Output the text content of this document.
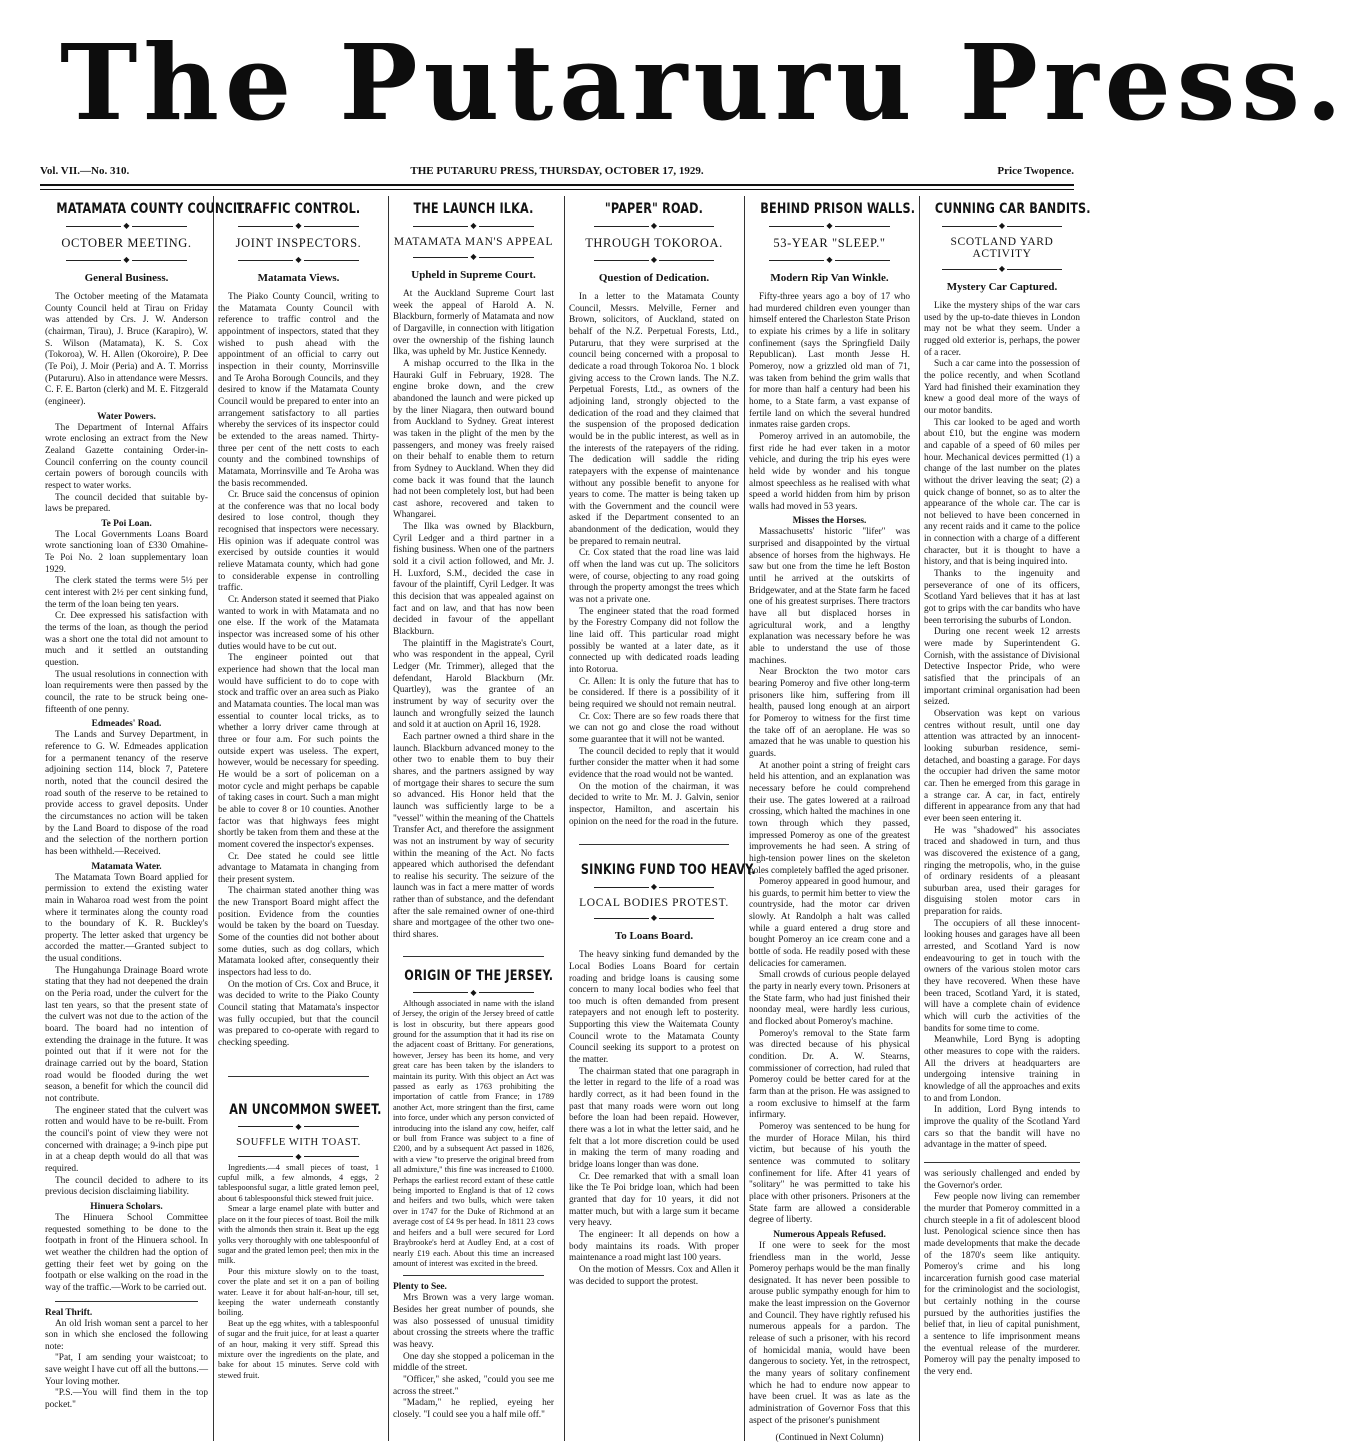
The Putaruru Press.
Vol. VII.—No. 310.	THE PUTARURU PRESS, THURSDAY, OCTOBER 17, 1929.	Price Twopence.
MATAMATA COUNTY COUNCIL.
◆
OCTOBER MEETING.
◆
General Business.

The October meeting of the Matamata County Council held at Tirau on Friday was attended by Crs. J. W. Anderson (chairman, Tirau), J. Bruce (Karapiro), W. S. Wilson (Matamata), K. S. Cox (Tokoroa), W. H. Allen (Okoroire), P. Dee (Te Poi), J. Moir (Peria) and A. T. Morriss (Putaruru). Also in attendance were Messrs. C. F. E. Barton (clerk) and M. E. Fitzgerald (engineer).

Water Powers.

The Department of Internal Affairs wrote enclosing an extract from the New Zealand Gazette containing Order-in-Council conferring on the county council certain powers of borough councils with respect to water works.

The council decided that suitable by-laws be prepared.

Te Poi Loan.

The Local Governments Loans Board wrote sanctioning loan of £330 Omahine-Te Poi No. 2 loan supplementary loan 1929.

The clerk stated the terms were 5½ per cent interest with 2½ per cent sinking fund, the term of the loan being ten years.

Cr. Dee expressed his satisfaction with the terms of the loan, as though the period was a short one the total did not amount to much and it settled an outstanding question.

The usual resolutions in connection with loan requirements were then passed by the council, the rate to be struck being one-fifteenth of one penny.

Edmeades' Road.

The Lands and Survey Department, in reference to G. W. Edmeades application for a permanent tenancy of the reserve adjoining section 114, block 7, Patetere north, noted that the council desired the road south of the reserve to be retained to provide access to gravel deposits. Under the circumstances no action will be taken by the Land Board to dispose of the road and the selection of the northern portion has been withheld.—Received.

Matamata Water.

The Matamata Town Board applied for permission to extend the existing water main in Waharoa road west from the point where it terminates along the county road to the boundary of K. R. Buckley's property. The letter asked that urgency be accorded the matter.—Granted subject to the usual conditions.

The Hungahunga Drainage Board wrote stating that they had not deepened the drain on the Peria road, under the culvert for the last ten years, so that the present state of the culvert was not due to the action of the board. The board had no intention of extending the drainage in the future. It was pointed out that if it were not for the drainage carried out by the board, Station road would be flooded during the wet season, a benefit for which the council did not contribute.

The engineer stated that the culvert was rotten and would have to be re-built. From the council's point of view they were not concerned with drainage; a 9-inch pipe put in at a cheap depth would do all that was required.

The council decided to adhere to its previous decision disclaiming liability.

Hinuera Scholars.

The Hinuera School Committee requested something to be done to the footpath in front of the Hinuera school. In wet weather the children had the option of getting their feet wet by going on the footpath or else walking on the road in the way of the traffic.—Work to be carried out.

Real Thrift.

An old Irish woman sent a parcel to her son in which she enclosed the following note:

"Pat, I am sending your waistcoat; to save weight I have cut off all the buttons.—Your loving mother.

"P.S.—You will find them in the top pocket."

TRAFFIC CONTROL.
◆
JOINT INSPECTORS.
◆
Matamata Views.

The Piako County Council, writing to the Matamata County Council with reference to traffic control and the appointment of inspectors, stated that they wished to push ahead with the appointment of an official to carry out inspection in their county, Morrinsville and Te Aroha Borough Councils, and they desired to know if the Matamata County Council would be prepared to enter into an arrangement satisfactory to all parties whereby the services of its inspector could be extended to the areas named. Thirty-three per cent of the nett costs to each county and the combined townships of Matamata, Morrinsville and Te Aroha was the basis recommended.

Cr. Bruce said the concensus of opinion at the conference was that no local body desired to lose control, though they recognised that inspectors were necessary. His opinion was if adequate control was exercised by outside counties it would relieve Matamata county, which had gone to considerable expense in controlling traffic.

Cr. Anderson stated it seemed that Piako wanted to work in with Matamata and no one else. If the work of the Matamata inspector was increased some of his other duties would have to be cut out.

The engineer pointed out that experience had shown that the local man would have sufficient to do to cope with stock and traffic over an area such as Piako and Matamata counties. The local man was essential to counter local tricks, as to whether a lorry driver came through at three or four a.m. For such points the outside expert was useless. The expert, however, would be necessary for speeding. He would be a sort of policeman on a motor cycle and might perhaps be capable of taking cases in court. Such a man might be able to cover 8 or 10 counties. Another factor was that highways fees might shortly be taken from them and these at the moment covered the inspector's expenses.

Cr. Dee stated he could see little advantage to Matamata in changing from their present system.

The chairman stated another thing was the new Transport Board might affect the position. Evidence from the counties would be taken by the board on Tuesday. Some of the counties did not bother about some duties, such as dog collars, which Matamata looked after, consequently their inspectors had less to do.

On the motion of Crs. Cox and Bruce, it was decided to write to the Piako County Council stating that Matamata's inspector was fully occupied, but that the council was prepared to co-operate with regard to checking speeding.

AN UNCOMMON SWEET.
◆
SOUFFLE WITH TOAST.
◆

Ingredients.—4 small pieces of toast, 1 cupful milk, a few almonds, 4 eggs, 2 tablespoonsful sugar, a little grated lemon peel, about 6 tablespoonsful thick stewed fruit juice.

Smear a large enamel plate with butter and place on it the four pieces of toast. Boil the milk with the almonds then strain it. Beat up the egg yolks very thoroughly with one tablespoonful of sugar and the grated lemon peel; then mix in the milk.

Pour this mixture slowly on to the toast, cover the plate and set it on a pan of boiling water. Leave it for about half-an-hour, till set, keeping the water underneath constantly boiling.

Beat up the egg whites, with a tablespoonful of sugar and the fruit juice, for at least a quarter of an hour, making it very stiff. Spread this mixture over the ingredients on the plate, and bake for about 15 minutes. Serve cold with stewed fruit.

THE LAUNCH ILKA.
◆
MATAMATA MAN'S APPEAL
◆
Upheld in Supreme Court.

At the Auckland Supreme Court last week the appeal of Harold A. N. Blackburn, formerly of Matamata and now of Dargaville, in connection with litigation over the ownership of the fishing launch Ilka, was upheld by Mr. Justice Kennedy.

A mishap occurred to the Ilka in the Hauraki Gulf in February, 1928. The engine broke down, and the crew abandoned the launch and were picked up by the liner Niagara, then outward bound from Auckland to Sydney. Great interest was taken in the plight of the men by the passengers, and money was freely raised on their behalf to enable them to return from Sydney to Auckland. When they did come back it was found that the launch had not been completely lost, but had been cast ashore, recovered and taken to Whangarei.

The Ilka was owned by Blackburn, Cyril Ledger and a third partner in a fishing business. When one of the partners sold it a civil action followed, and Mr. J. H. Luxford, S.M., decided the case in favour of the plaintiff, Cyril Ledger. It was this decision that was appealed against on fact and on law, and that has now been decided in favour of the appellant Blackburn.

The plaintiff in the Magistrate's Court, who was respondent in the appeal, Cyril Ledger (Mr. Trimmer), alleged that the defendant, Harold Blackburn (Mr. Quartley), was the grantee of an instrument by way of security over the launch and wrongfully seized the launch and sold it at auction on April 16, 1928.

Each partner owned a third share in the launch. Blackburn advanced money to the other two to enable them to buy their shares, and the partners assigned by way of mortgage their shares to secure the sum so advanced. His Honor held that the launch was sufficiently large to be a "vessel" within the meaning of the Chattels Transfer Act, and therefore the assignment was not an instrument by way of security within the meaning of the Act. No facts appeared which authorised the defendant to realise his security. The seizure of the launch was in fact a mere matter of words rather than of substance, and the defendant after the sale remained owner of one-third share and mortgagee of the other two one-third shares.

ORIGIN OF THE JERSEY.
◆

Although associated in name with the island of Jersey, the origin of the Jersey breed of cattle is lost in obscurity, but there appears good ground for the assumption that it had its rise on the adjacent coast of Brittany. For generations, however, Jersey has been its home, and very great care has been taken by the islanders to maintain its purity. With this object an Act was passed as early as 1763 prohibiting the importation of cattle from France; in 1789 another Act, more stringent than the first, came into force, under which any person convicted of introducing into the island any cow, heifer, calf or bull from France was subject to a fine of £200, and by a subsequent Act passed in 1826, with a view "to preserve the original breed from all admixture," this fine was increased to £1000. Perhaps the earliest record extant of these cattle being imported to England is that of 12 cows and heifers and two bulls, which were taken over in 1747 for the Duke of Richmond at an average cost of £4 9s per head. In 1811 23 cows and heifers and a bull were secured for Lord Braybrooke's herd at Audley End, at a cost of nearly £19 each. About this time an increased amount of interest was excited in the breed.

Plenty to See.

Mrs Brown was a very large woman. Besides her great number of pounds, she was also possessed of unusual timidity about crossing the streets where the traffic was heavy.

One day she stopped a policeman in the middle of the street.

"Officer," she asked, "could you see me across the street."

"Madam," he replied, eyeing her closely. "I could see you a half mile off."

"PAPER" ROAD.
◆
THROUGH TOKOROA.
◆
Question of Dedication.

In a letter to the Matamata County Council, Messrs. Melville, Ferner and Brown, solicitors, of Auckland, stated on behalf of the N.Z. Perpetual Forests, Ltd., Putaruru, that they were surprised at the council being concerned with a proposal to dedicate a road through Tokoroa No. 1 block giving access to the Crown lands. The N.Z. Perpetual Forests, Ltd., as owners of the adjoining land, strongly objected to the dedication of the road and they claimed that the suspension of the proposed dedication would be in the public interest, as well as in the interests of the ratepayers of the riding. The dedication will saddle the riding ratepayers with the expense of maintenance without any possible benefit to anyone for years to come. The matter is being taken up with the Government and the council were asked if the Department consented to an abandonment of the dedication, would they be prepared to remain neutral.

Cr. Cox stated that the road line was laid off when the land was cut up. The solicitors were, of course, objecting to any road going through the property amongst the trees which was not a private one.

The engineer stated that the road formed by the Forestry Company did not follow the line laid off. This particular road might possibly be wanted at a later date, as it connected up with dedicated roads leading into Rotorua.

Cr. Allen: It is only the future that has to be considered. If there is a possibility of it being required we should not remain neutral.

Cr. Cox: There are so few roads there that we can not go and close the road without some guarantee that it will not be wanted.

The council decided to reply that it would further consider the matter when it had some evidence that the road would not be wanted.

On the motion of the chairman, it was decided to write to Mr. M. J. Galvin, senior inspector, Hamilton, and ascertain his opinion on the need for the road in the future.

SINKING FUND TOO HEAVY.
◆
LOCAL BODIES PROTEST.
◆
To Loans Board.

The heavy sinking fund demanded by the Local Bodies Loans Board for certain roading and bridge loans is causing some concern to many local bodies who feel that too much is often demanded from present ratepayers and not enough left to posterity. Supporting this view the Waitemata County Council wrote to the Matamata County Council seeking its support to a protest on the matter.

The chairman stated that one paragraph in the letter in regard to the life of a road was hardly correct, as it had been found in the past that many roads were worn out long before the loan had been repaid. However, there was a lot in what the letter said, and he felt that a lot more discretion could be used in making the term of many roading and bridge loans longer than was done.

Cr. Dee remarked that with a small loan like the Te Poi bridge loan, which had been granted that day for 10 years, it did not matter much, but with a large sum it became very heavy.

The engineer: It all depends on how a body maintains its roads. With proper maintenance a road might last 100 years.

On the motion of Messrs. Cox and Allen it was decided to support the protest.

BEHIND PRISON WALLS.
◆
53-YEAR "SLEEP."
◆
Modern Rip Van Winkle.

Fifty-three years ago a boy of 17 who had murdered children even younger than himself entered the Charleston State Prison to expiate his crimes by a life in solitary confinement (says the Springfield Daily Republican). Last month Jesse H. Pomeroy, now a grizzled old man of 71, was taken from behind the grim walls that for more than half a century had been his home, to a State farm, a vast expanse of fertile land on which the several hundred inmates raise garden crops.

Pomeroy arrived in an automobile, the first ride he had ever taken in a motor vehicle, and during the trip his eyes were held wide by wonder and his tongue almost speechless as he realised with what speed a world hidden from him by prison walls had moved in 53 years.

Misses the Horses.

Massachusetts' historic "lifer" was surprised and disappointed by the virtual absence of horses from the highways. He saw but one from the time he left Boston until he arrived at the outskirts of Bridgewater, and at the State farm he faced one of his greatest surprises. There tractors have all but displaced horses in agricultural work, and a lengthy explanation was necessary before he was able to understand the use of those machines.

Near Brockton the two motor cars bearing Pomeroy and five other long-term prisoners like him, suffering from ill health, paused long enough at an airport for Pomeroy to witness for the first time the take off of an aeroplane. He was so amazed that he was unable to question his guards.

At another point a string of freight cars held his attention, and an explanation was necessary before he could comprehend their use. The gates lowered at a railroad crossing, which halted the machines in one town through which they passed, impressed Pomeroy as one of the greatest improvements he had seen. A string of high-tension power lines on the skeleton poles completely baffled the aged prisoner.

Pomeroy appeared in good humour, and his guards, to permit him better to view the countryside, had the motor car driven slowly. At Randolph a halt was called while a guard entered a drug store and bought Pomeroy an ice cream cone and a bottle of soda. He readily posed with these delicacies for cameramen.

Small crowds of curious people delayed the party in nearly every town. Prisoners at the State farm, who had just finished their noonday meal, were hardly less curious, and flocked about Pomeroy's machine.

Pomeroy's removal to the State farm was directed because of his physical condition. Dr. A. W. Stearns, commissioner of correction, had ruled that Pomeroy could be better cared for at the farm than at the prison. He was assigned to a room exclusive to himself at the farm infirmary.

Pomeroy was sentenced to be hung for the murder of Horace Milan, his third victim, but because of his youth the sentence was commuted to solitary confinement for life. After 41 years of "solitary" he was permitted to take his place with other prisoners. Prisoners at the State farm are allowed a considerable degree of liberty.

Numerous Appeals Refused.

If one were to seek for the most friendless man in the world, Jesse Pomeroy perhaps would be the man finally designated. It has never been possible to arouse public sympathy enough for him to make the least impression on the Governor and Council. They have rightly refused his numerous appeals for a pardon. The release of such a prisoner, with his record of homicidal mania, would have been dangerous to society. Yet, in the retrospect, the many years of solitary confinement which he had to endure now appear to have been cruel. It was as late as the administration of Governor Foss that this aspect of the prisoner's punishment

(Continued in Next Column)
CUNNING CAR BANDITS.
◆
SCOTLAND YARD ACTIVITY
◆
Mystery Car Captured.

Like the mystery ships of the war cars used by the up-to-date thieves in London may not be what they seem. Under a rugged old exterior is, perhaps, the power of a racer.

Such a car came into the possession of the police recently, and when Scotland Yard had finished their examination they knew a good deal more of the ways of our motor bandits.

This car looked to be aged and worth about £10, but the engine was modern and capable of a speed of 60 miles per hour. Mechanical devices permitted (1) a change of the last number on the plates without the driver leaving the seat; (2) a quick change of bonnet, so as to alter the appearance of the whole car. The car is not believed to have been concerned in any recent raids and it came to the police in connection with a charge of a different character, but it is thought to have a history, and that is being inquired into.

Thanks to the ingenuity and perseverance of one of its officers, Scotland Yard believes that it has at last got to grips with the car bandits who have been terrorising the suburbs of London.

During one recent week 12 arrests were made by Superintendent G. Cornish, with the assistance of Divisional Detective Inspector Pride, who were satisfied that the principals of an important criminal organisation had been seized.

Observation was kept on various centres without result, until one day attention was attracted by an innocent-looking suburban residence, semi-detached, and boasting a garage. For days the occupier had driven the same motor car. Then he emerged from this garage in a strange car. A car, in fact, entirely different in appearance from any that had ever been seen entering it.

He was "shadowed" his associates traced and shadowed in turn, and thus was discovered the existence of a gang, ringing the metropolis, who, in the guise of ordinary residents of a pleasant suburban area, used their garages for disguising stolen motor cars in preparation for raids.

The occupiers of all these innocent-looking houses and garages have all been arrested, and Scotland Yard is now endeavouring to get in touch with the owners of the various stolen motor cars they have recovered. When these have been traced, Scotland Yard, it is stated, will have a complete chain of evidence which will curb the activities of the bandits for some time to come.

Meanwhile, Lord Byng is adopting other measures to cope with the raiders. All the drivers at headquarters are undergoing intensive training in knowledge of all the approaches and exits to and from London.

In addition, Lord Byng intends to improve the quality of the Scotland Yard cars so that the bandit will have no advantage in the matter of speed.

was seriously challenged and ended by the Governor's order.

Few people now living can remember the murder that Pomeroy committed in a church steeple in a fit of adolescent blood lust. Penological science since then has made developments that make the decade of the 1870's seem like antiquity. Pomeroy's crime and his long incarceration furnish good case material for the criminologist and the sociologist, but certainly nothing in the course pursued by the authorities justifies the belief that, in lieu of capital punishment, a sentence to life imprisonment means the eventual release of the murderer. Pomeroy will pay the penalty imposed to the very end.
